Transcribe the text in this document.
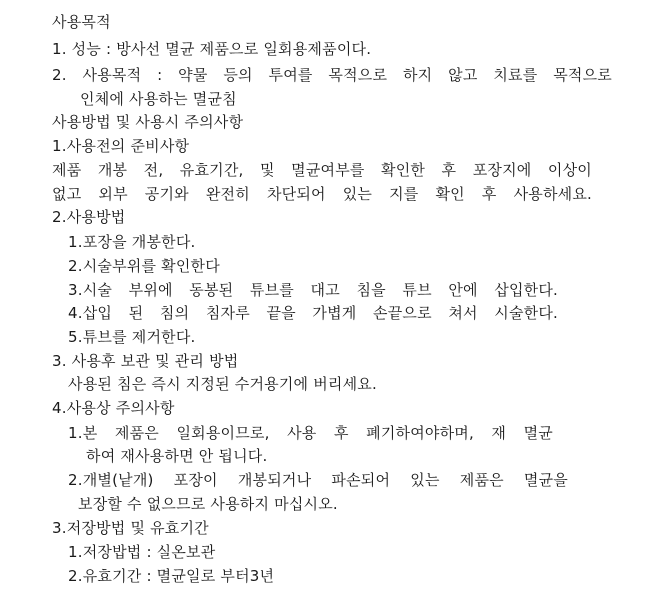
사용목적
1. 성능 : 방사선 멸균 제품으로 일회용제품이다.
2. 사용목적 : 약물 등의 투여를 목적으로 하지 않고 치료를 목적으로
인체에 사용하는 멸균침
사용방법 및 사용시 주의사항
1.사용전의 준비사항
제품 개봉 전, 유효기간, 및 멸균여부를 확인한 후 포장지에 이상이
없고 외부 공기와 완전히 차단되어 있는 지를 확인 후 사용하세요.
2.사용방법
1.포장을 개봉한다.
2.시술부위를 확인한다
3.시술 부위에 동봉된 튜브를 대고 침을 튜브 안에 삽입한다.
4.삽입 된 침의 침자루 끝을 가볍게 손끝으로 쳐서 시술한다.
5.튜브를 제거한다.
3. 사용후 보관 및 관리 방법
사용된 침은 즉시 지정된 수거용기에 버리세요.
4.사용상 주의사항
1.본 제품은 일회용이므로, 사용 후 폐기하여야하며, 재 멸균
하여 재사용하면 안 됩니다.
2.개별(낱개) 포장이 개봉되거나 파손되어 있는 제품은 멸균을
보장할 수 없으므로 사용하지 마십시오.
3.저장방법 및 유효기간
1.저장밥법 : 실온보관
2.유효기간 : 멸균일로 부터3년
